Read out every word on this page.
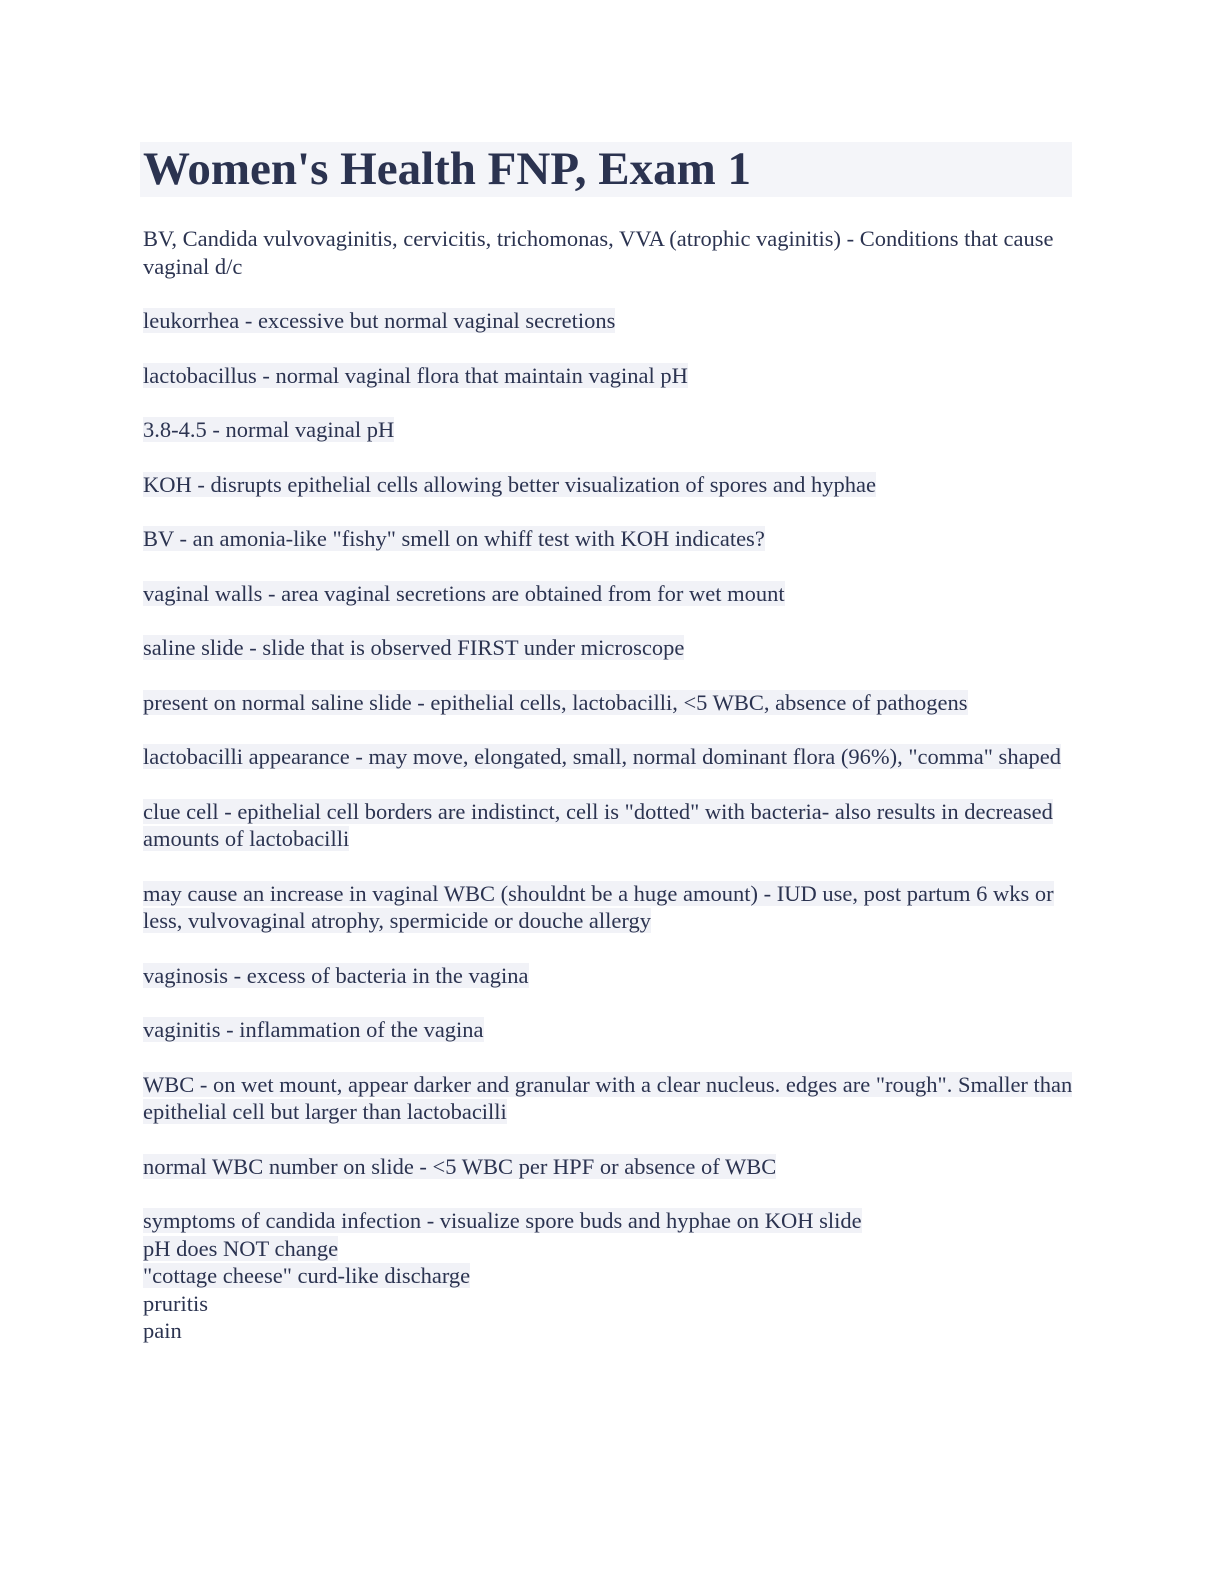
Women's Health FNP, Exam 1

BV, Candida vulvovaginitis, cervicitis, trichomonas, VVA (atrophic vaginitis) - Conditions that cause vaginal d/c

leukorrhea - excessive but normal vaginal secretions

lactobacillus - normal vaginal flora that maintain vaginal pH

3.8-4.5 - normal vaginal pH

KOH - disrupts epithelial cells allowing better visualization of spores and hyphae

BV - an amonia-like "fishy" smell on whiff test with KOH indicates?

vaginal walls - area vaginal secretions are obtained from for wet mount

saline slide - slide that is observed FIRST under microscope

present on normal saline slide - epithelial cells, lactobacilli, <5 WBC, absence of pathogens

lactobacilli appearance - may move, elongated, small, normal dominant flora (96%), "comma" shaped

clue cell - epithelial cell borders are indistinct, cell is "dotted" with bacteria- also results in decreased amounts of lactobacilli

may cause an increase in vaginal WBC (shouldnt be a huge amount) - IUD use, post partum 6 wks or less, vulvovaginal atrophy, spermicide or douche allergy

vaginosis - excess of bacteria in the vagina

vaginitis - inflammation of the vagina

WBC - on wet mount, appear darker and granular with a clear nucleus. edges are "rough". Smaller than epithelial cell but larger than lactobacilli

normal WBC number on slide - <5 WBC per HPF or absence of WBC

symptoms of candida infection - visualize spore buds and hyphae on KOH slide
pH does NOT change
"cottage cheese" curd-like discharge
pruritis
pain
